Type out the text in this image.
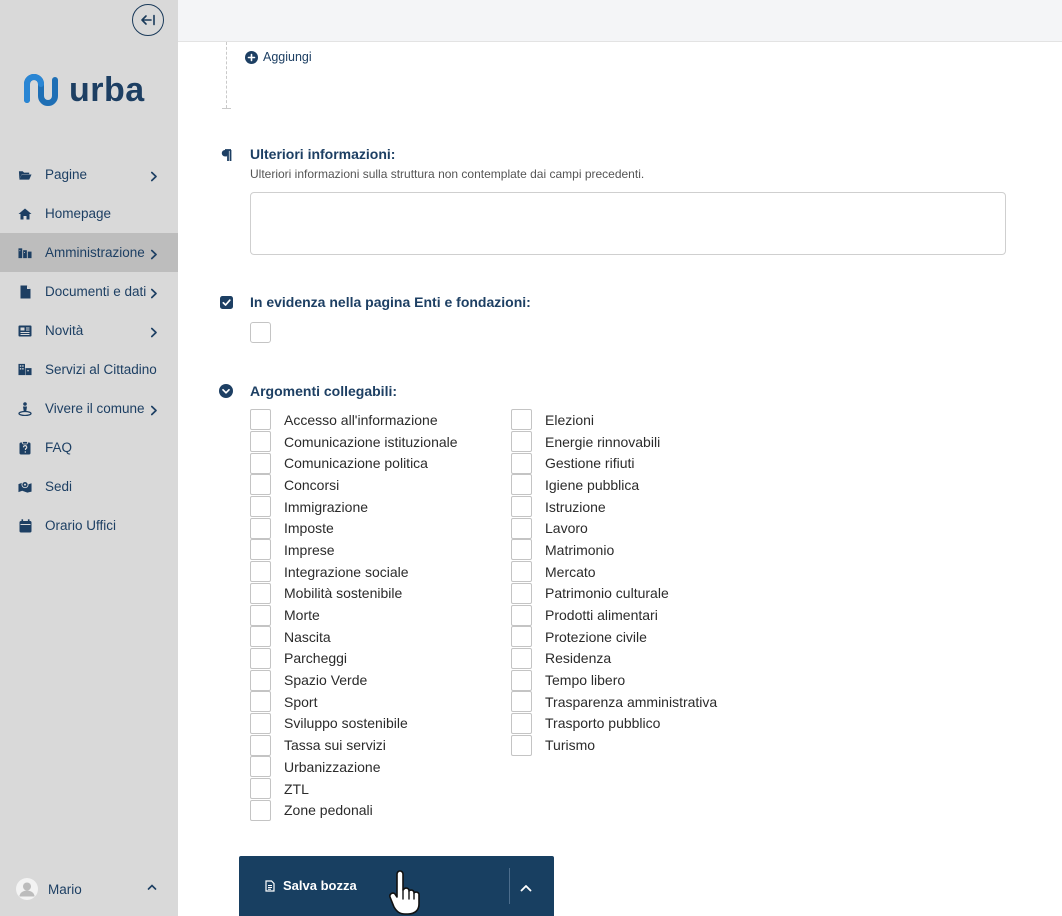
urba
Pagine
Homepage
Amministrazione
Documenti e dati
Novità
Servizi al Cittadino
Vivere il comune
FAQ
Sedi
Orario Uffici
Mario
Aggiungi
Ulteriori informazioni:
Ulteriori informazioni sulla struttura non contemplate dai campi precedenti.
In evidenza nella pagina Enti e fondazioni:
Argomenti collegabili:
Accesso all'informazione
Comunicazione istituzionale
Comunicazione politica
Concorsi
Immigrazione
Imposte
Imprese
Integrazione sociale
Mobilità sostenibile
Morte
Nascita
Parcheggi
Spazio Verde
Sport
Sviluppo sostenibile
Tassa sui servizi
Urbanizzazione
ZTL
Zone pedonali
Elezioni
Energie rinnovabili
Gestione rifiuti
Igiene pubblica
Istruzione
Lavoro
Matrimonio
Mercato
Patrimonio culturale
Prodotti alimentari
Protezione civile
Residenza
Tempo libero
Trasparenza amministrativa
Trasporto pubblico
Turismo
Salva bozza
